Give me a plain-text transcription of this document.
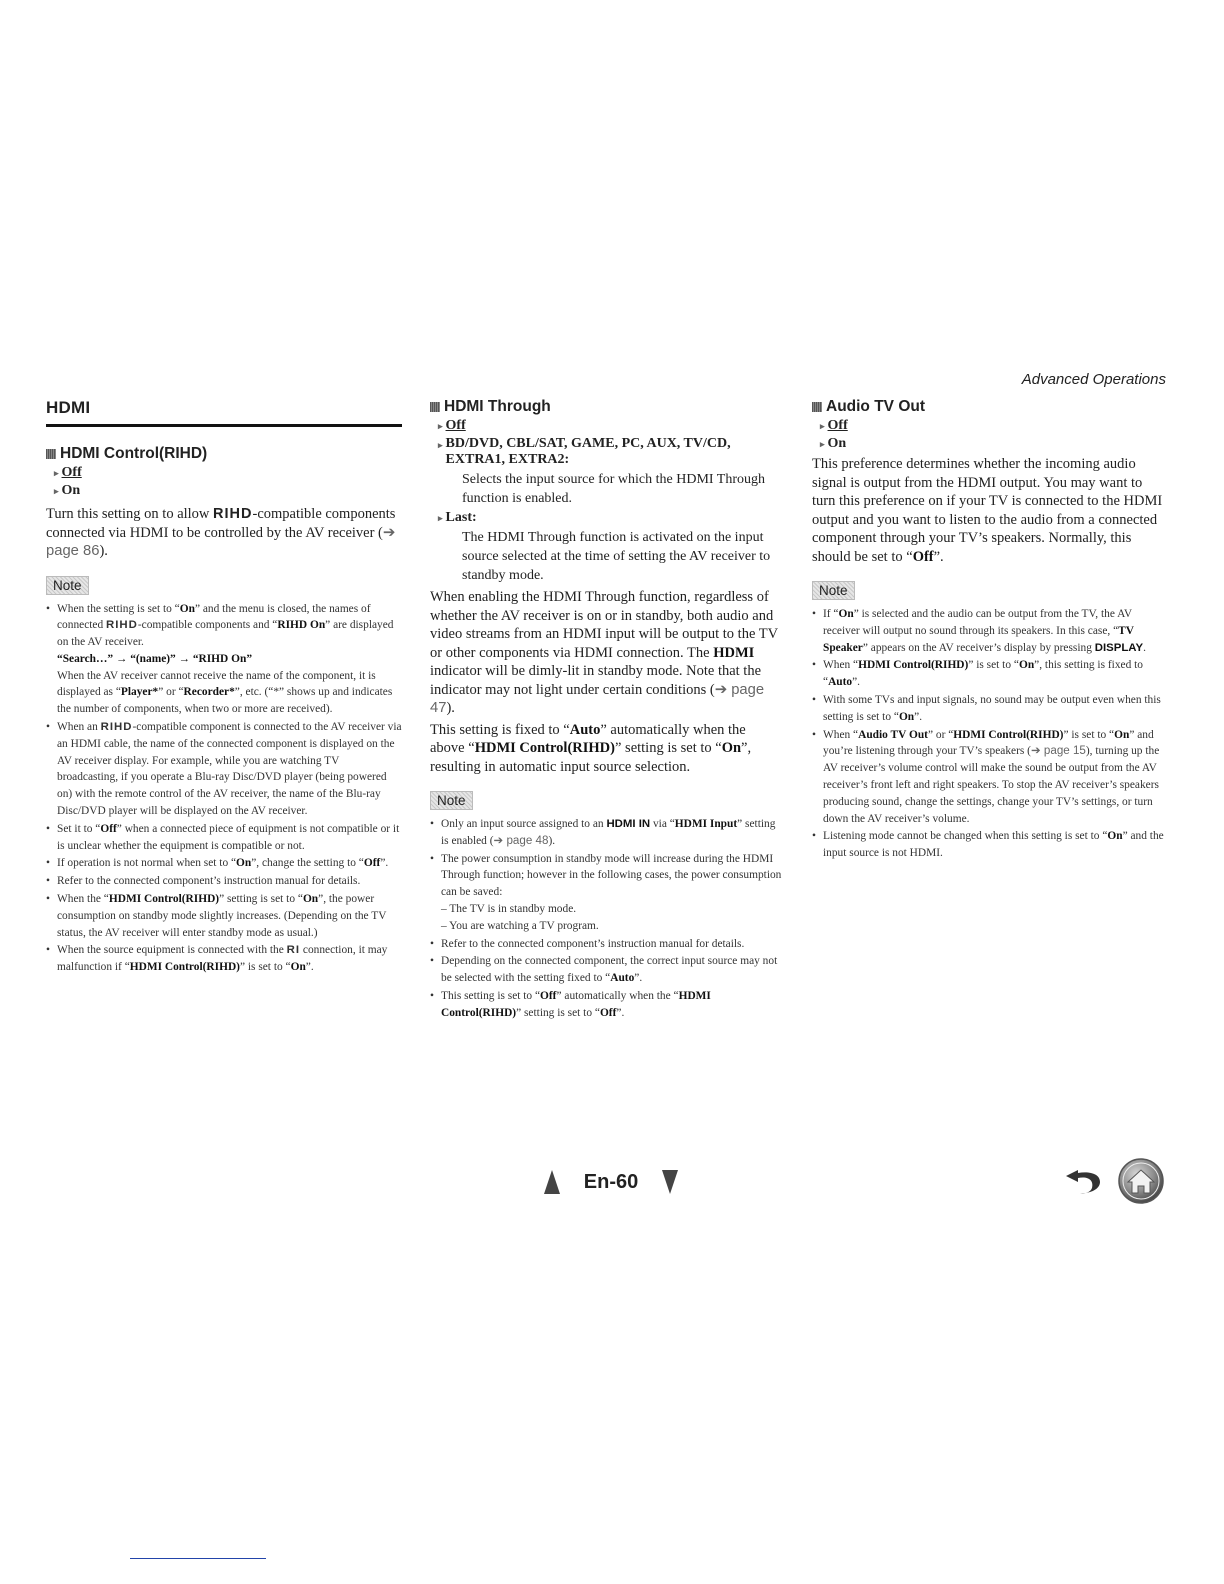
Advanced Operations
HDMI
HDMI Control(RIHD)
▸ Off
▸ On

Turn this setting on to allow RIHD-compatible components connected via HDMI to be controlled by the AV receiver (➔ page 86).

Note
• When the setting is set to “On” and the menu is closed, the names of connected RIHD-compatible components and “RIHD On” are displayed on the AV receiver.
“Search…” → “(name)” → “RIHD On”
When the AV receiver cannot receive the name of the component, it is displayed as “Player*” or “Recorder*”, etc. (“*” shows up and indicates the number of components, when two or more are received).
• When an RIHD-compatible component is connected to the AV receiver via an HDMI cable, the name of the connected component is displayed on the AV receiver display. For example, while you are watching TV broadcasting, if you operate a Blu-ray Disc/DVD player (being powered on) with the remote control of the AV receiver, the name of the Blu-ray Disc/DVD player will be displayed on the AV receiver.
• Set it to “Off” when a connected piece of equipment is not compatible or it is unclear whether the equipment is compatible or not.
• If operation is not normal when set to “On”, change the setting to “Off”.
• Refer to the connected component’s instruction manual for details.
• When the “HDMI Control(RIHD)” setting is set to “On”, the power consumption on standby mode slightly increases. (Depending on the TV status, the AV receiver will enter standby mode as usual.)
• When the source equipment is connected with the RI connection, it may malfunction if “HDMI Control(RIHD)” is set to “On”.
HDMI Through
▸ Off
▸ BD/DVD, CBL/SAT, GAME, PC, AUX, TV/CD, EXTRA1, EXTRA2:

Selects the input source for which the HDMI Through function is enabled.

▸ Last:

The HDMI Through function is activated on the input source selected at the time of setting the AV receiver to standby mode.

When enabling the HDMI Through function, regardless of whether the AV receiver is on or in standby, both audio and video streams from an HDMI input will be output to the TV or other components via HDMI connection. The HDMI indicator will be dimly-lit in standby mode. Note that the indicator may not light under certain conditions (➔ page 47).

This setting is fixed to “Auto” automatically when the above “HDMI Control(RIHD)” setting is set to “On”, resulting in automatic input source selection.

Note
• Only an input source assigned to an HDMI IN via “HDMI Input” setting is enabled (➔ page 48).
• The power consumption in standby mode will increase during the HDMI Through function; however in the following cases, the power consumption can be saved:
– The TV is in standby mode.
– You are watching a TV program.
• Refer to the connected component’s instruction manual for details.
• Depending on the connected component, the correct input source may not be selected with the setting fixed to “Auto”.
• This setting is set to “Off” automatically when the “HDMI Control(RIHD)” setting is set to “Off”.
Audio TV Out
▸ Off
▸ On

This preference determines whether the incoming audio signal is output from the HDMI output. You may want to turn this preference on if your TV is connected to the HDMI output and you want to listen to the audio from a connected component through your TV’s speakers. Normally, this should be set to “Off”.

Note
• If “On” is selected and the audio can be output from the TV, the AV receiver will output no sound through its speakers. In this case, “TV Speaker” appears on the AV receiver’s display by pressing DISPLAY.
• When “HDMI Control(RIHD)” is set to “On”, this setting is fixed to “Auto”.
• With some TVs and input signals, no sound may be output even when this setting is set to “On”.
• When “Audio TV Out” or “HDMI Control(RIHD)” is set to “On” and you’re listening through your TV’s speakers (➔ page 15), turning up the AV receiver’s volume control will make the sound be output from the AV receiver’s front left and right speakers. To stop the AV receiver’s speakers producing sound, change the settings, change your TV’s settings, or turn down the AV receiver’s volume.
• Listening mode cannot be changed when this setting is set to “On” and the input source is not HDMI.
En-60
